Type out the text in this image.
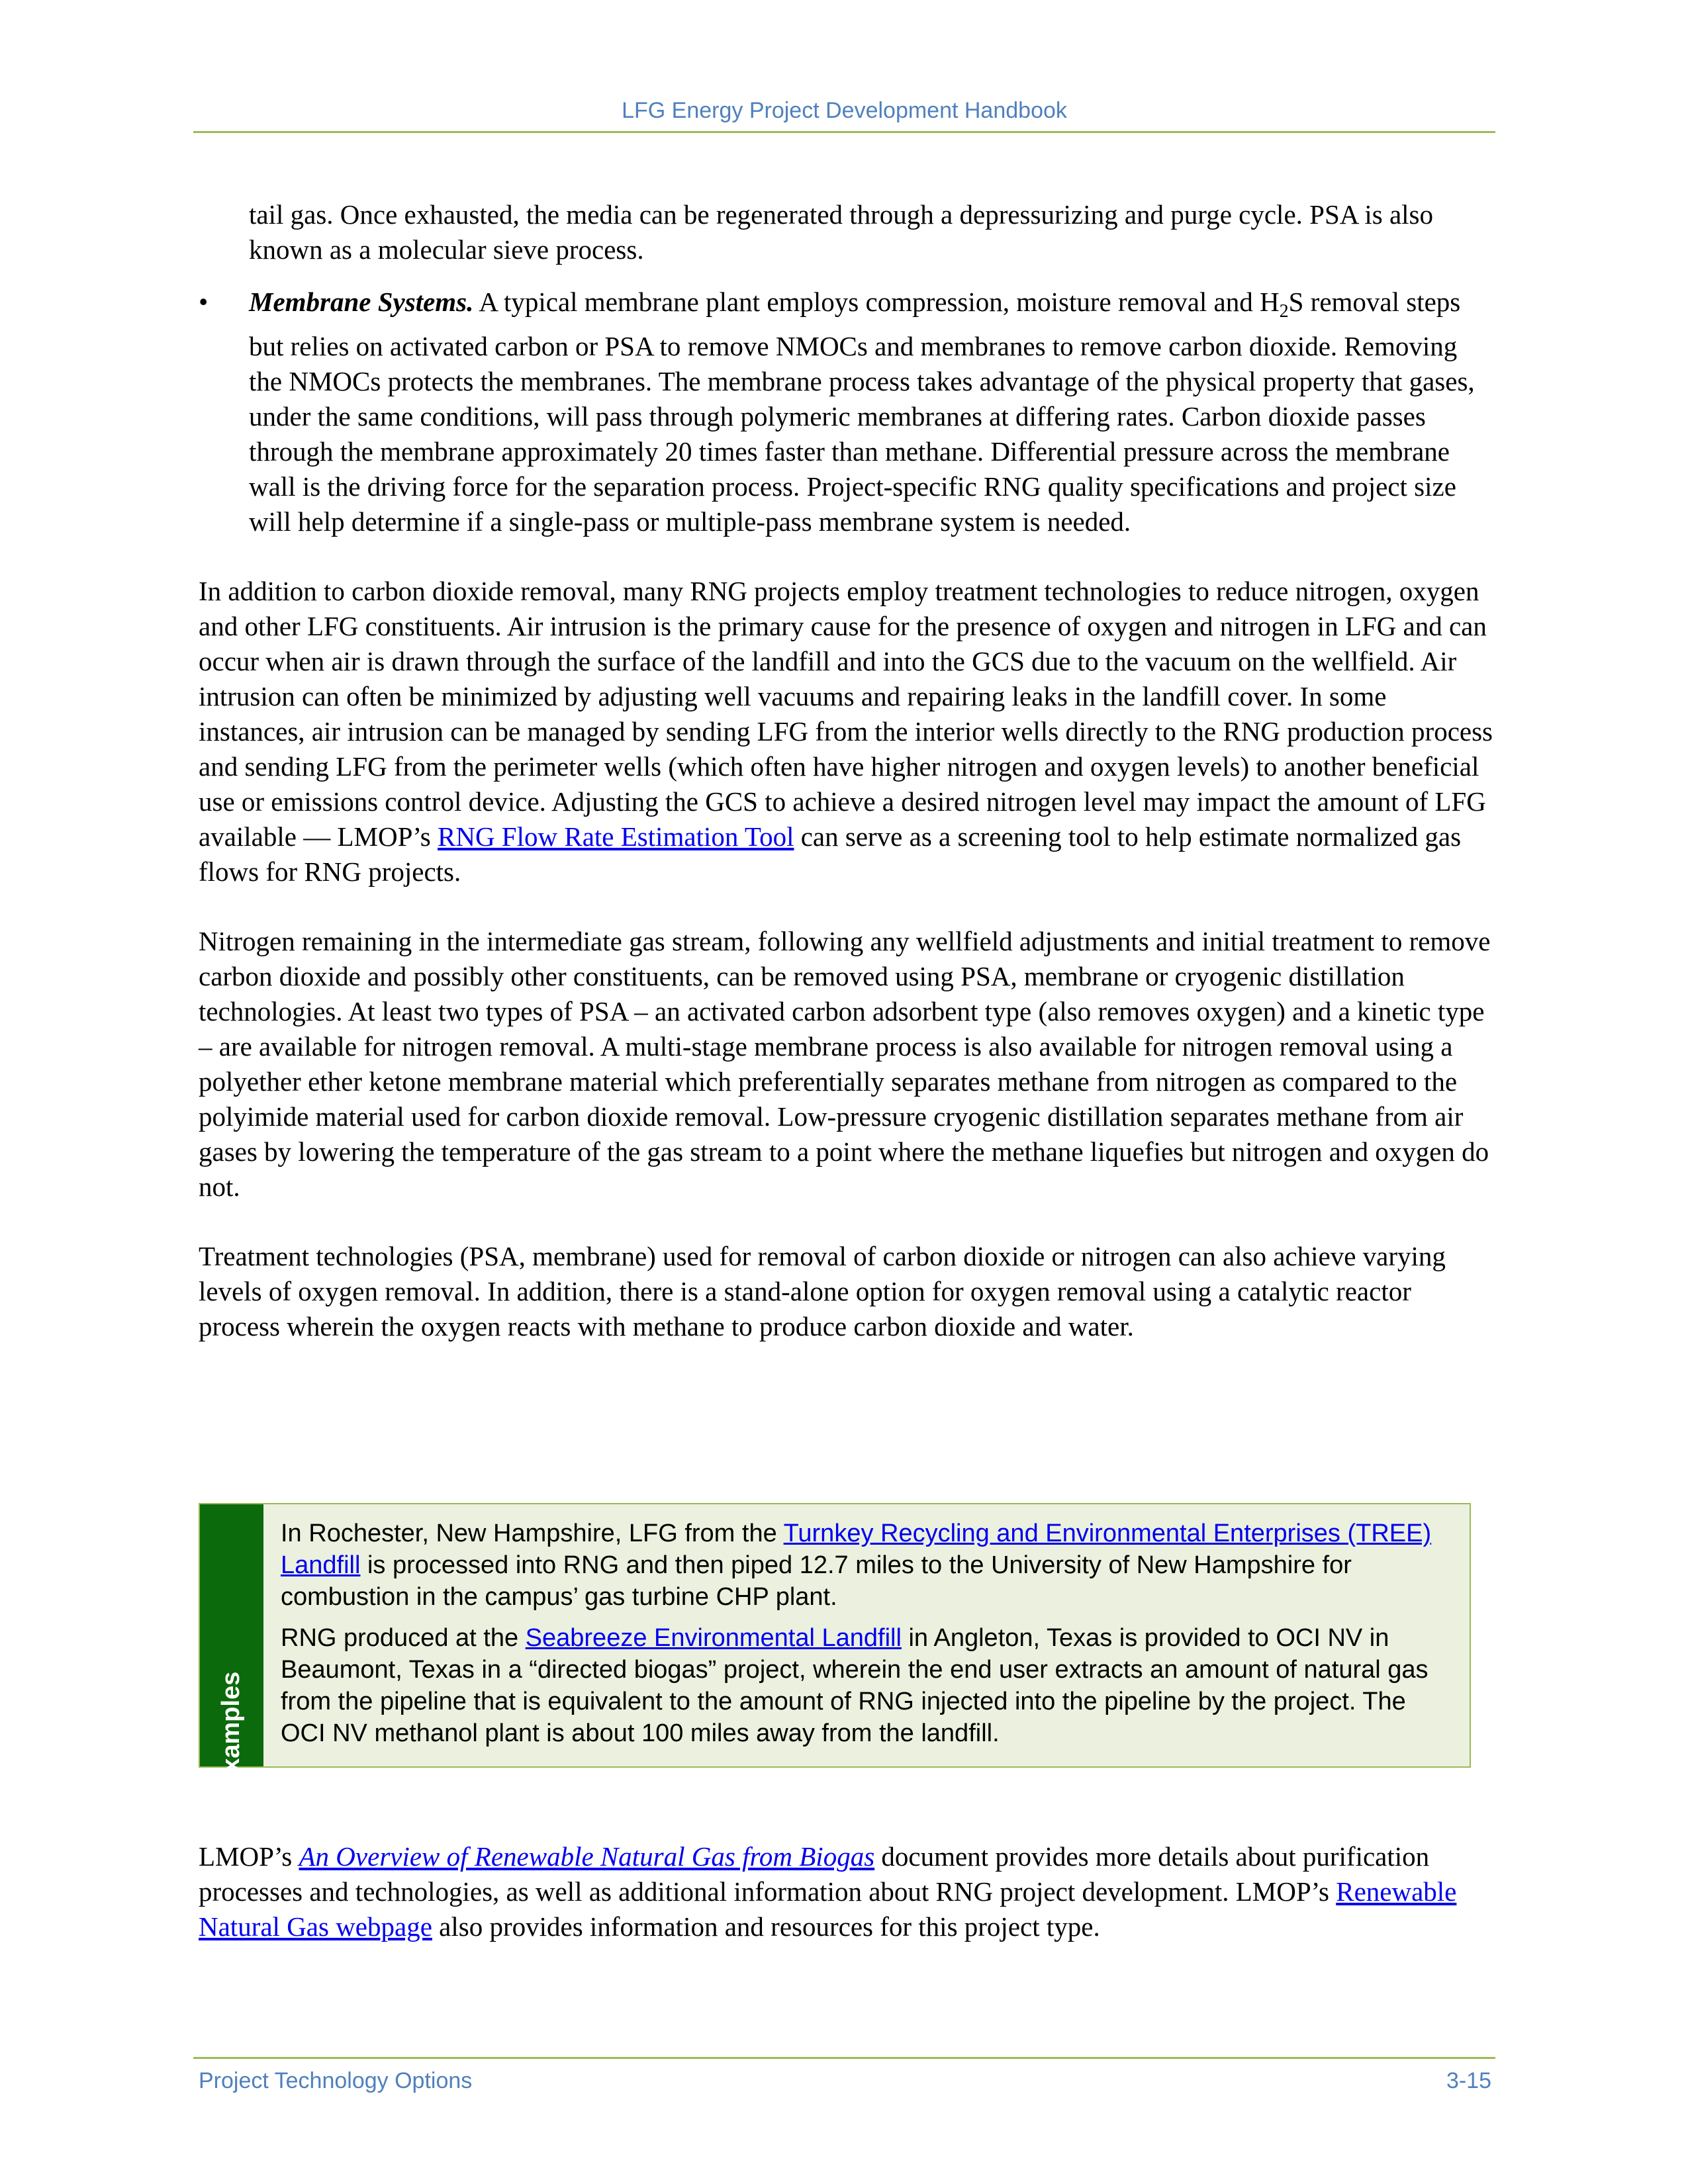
LFG Energy Project Development Handbook

tail gas. Once exhausted, the media can be regenerated through a depressurizing and purge cycle. PSA is also known as a molecular sieve process.

• Membrane Systems. A typical membrane plant employs compression, moisture removal and $H_2S$ removal steps but relies on activated carbon or PSA to remove NMOCs and membranes to remove carbon dioxide. Removing the NMOCs protects the membranes. The membrane process takes advantage of the physical property that gases, under the same conditions, will pass through polymeric membranes at differing rates. Carbon dioxide passes through the membrane approximately 20 times faster than methane. Differential pressure across the membrane wall is the driving force for the separation process. Project-specific RNG quality specifications and project size will help determine if a single-pass or multiple-pass membrane system is needed.

In addition to carbon dioxide removal, many RNG projects employ treatment technologies to reduce nitrogen, oxygen and other LFG constituents. Air intrusion is the primary cause for the presence of oxygen and nitrogen in LFG and can occur when air is drawn through the surface of the landfill and into the GCS due to the vacuum on the wellfield. Air intrusion can often be minimized by adjusting well vacuums and repairing leaks in the landfill cover. In some instances, air intrusion can be managed by sending LFG from the interior wells directly to the RNG production process and sending LFG from the perimeter wells (which often have higher nitrogen and oxygen levels) to another beneficial use or emissions control device. Adjusting the GCS to achieve a desired nitrogen level may impact the amount of LFG available — LMOP’s RNG Flow Rate Estimation Tool can serve as a screening tool to help estimate normalized gas flows for RNG projects.

Nitrogen remaining in the intermediate gas stream, following any wellfield adjustments and initial treatment to remove carbon dioxide and possibly other constituents, can be removed using PSA, membrane or cryogenic distillation technologies. At least two types of PSA – an activated carbon adsorbent type (also removes oxygen) and a kinetic type – are available for nitrogen removal. A multi-stage membrane process is also available for nitrogen removal using a polyether ether ketone membrane material which preferentially separates methane from nitrogen as compared to the polyimide material used for carbon dioxide removal. Low-pressure cryogenic distillation separates methane from air gases by lowering the temperature of the gas stream to a point where the methane liquefies but nitrogen and oxygen do not.

Treatment technologies (PSA, membrane) used for removal of carbon dioxide or nitrogen can also achieve varying levels of oxygen removal. In addition, there is a stand-alone option for oxygen removal using a catalytic reactor process wherein the oxygen reacts with methane to produce carbon dioxide and water.

Examples

In Rochester, New Hampshire, LFG from the Turnkey Recycling and Environmental Enterprises (TREE) Landfill is processed into RNG and then piped 12.7 miles to the University of New Hampshire for combustion in the campus’ gas turbine CHP plant.

RNG produced at the Seabreeze Environmental Landfill in Angleton, Texas is provided to OCI NV in Beaumont, Texas in a “directed biogas” project, wherein the end user extracts an amount of natural gas from the pipeline that is equivalent to the amount of RNG injected into the pipeline by the project. The OCI NV methanol plant is about 100 miles away from the landfill.

LMOP’s An Overview of Renewable Natural Gas from Biogas document provides more details about purification processes and technologies, as well as additional information about RNG project development. LMOP’s Renewable Natural Gas webpage also provides information and resources for this project type.

Project Technology Options	3-15
